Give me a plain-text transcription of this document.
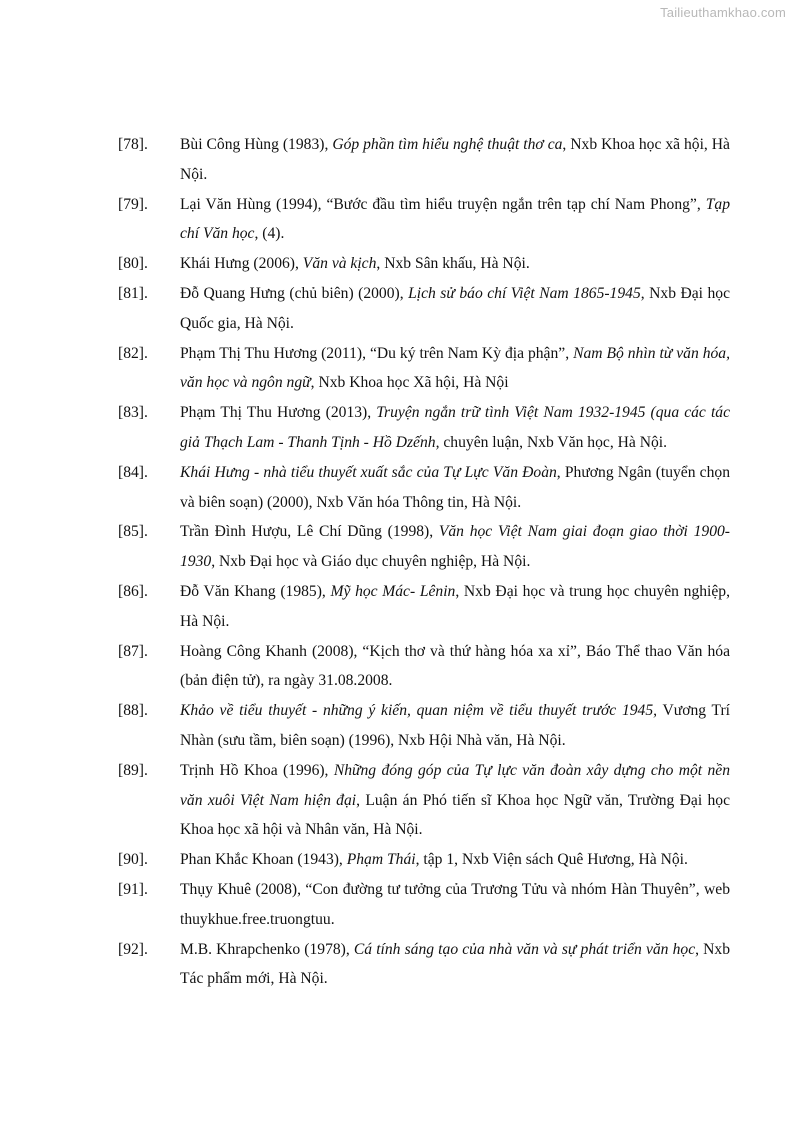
Tailieuthamkhao.com
[78].	Bùi Công Hùng (1983), Góp phần tìm hiểu nghệ thuật thơ ca, Nxb Khoa học xã hội, Hà Nội.
[79].	Lại Văn Hùng (1994), “Bước đầu tìm hiểu truyện ngắn trên tạp chí Nam Phong”, Tạp chí Văn học, (4).
[80].	Khái Hưng (2006), Văn và kịch, Nxb Sân khấu, Hà Nội.
[81].	Đỗ Quang Hưng (chủ biên) (2000), Lịch sử báo chí Việt Nam 1865-1945, Nxb Đại học Quốc gia, Hà Nội.
[82].	Phạm Thị Thu Hương (2011), “Du ký trên Nam Kỳ địa phận”, Nam Bộ nhìn từ văn hóa, văn học và ngôn ngữ, Nxb Khoa học Xã hội, Hà Nội
[83].	Phạm Thị Thu Hương (2013), Truyện ngắn trữ tình Việt Nam 1932-1945 (qua các tác giả Thạch Lam - Thanh Tịnh - Hồ Dzếnh, chuyên luận, Nxb Văn học, Hà Nội.
[84].	Khái Hưng - nhà tiểu thuyết xuất sắc của Tự Lực Văn Đoàn, Phương Ngân (tuyển chọn và biên soạn) (2000), Nxb Văn hóa Thông tin, Hà Nội.
[85].	Trần Đình Hượu, Lê Chí Dũng (1998), Văn học Việt Nam giai đoạn giao thời 1900-1930, Nxb Đại học và Giáo dục chuyên nghiệp, Hà Nội.
[86].	Đỗ Văn Khang (1985), Mỹ học Mác- Lênin, Nxb Đại học và trung học chuyên nghiệp, Hà Nội.
[87].	Hoàng Công Khanh (2008), “Kịch thơ và thứ hàng hóa xa xỉ”, Báo Thể thao Văn hóa (bản điện tử), ra ngày 31.08.2008.
[88].	Khảo về tiểu thuyết - những ý kiến, quan niệm về tiểu thuyết trước 1945, Vương Trí Nhàn (sưu tầm, biên soạn) (1996), Nxb Hội Nhà văn, Hà Nội.
[89].	Trịnh Hồ Khoa (1996), Những đóng góp của Tự lực văn đoàn xây dựng cho một nền văn xuôi Việt Nam hiện đại, Luận án Phó tiến sĩ Khoa học Ngữ văn, Trường Đại học Khoa học xã hội và Nhân văn, Hà Nội.
[90].	Phan Khắc Khoan (1943), Phạm Thái, tập 1, Nxb Viện sách Quê Hương, Hà Nội.
[91].	Thụy Khuê (2008), “Con đường tư tưởng của Trương Tửu và nhóm Hàn Thuyên”, web thuykhue.free.truongtuu.
[92].	M.B. Khrapchenko (1978), Cá tính sáng tạo của nhà văn và sự phát triển văn học, Nxb Tác phẩm mới, Hà Nội.
